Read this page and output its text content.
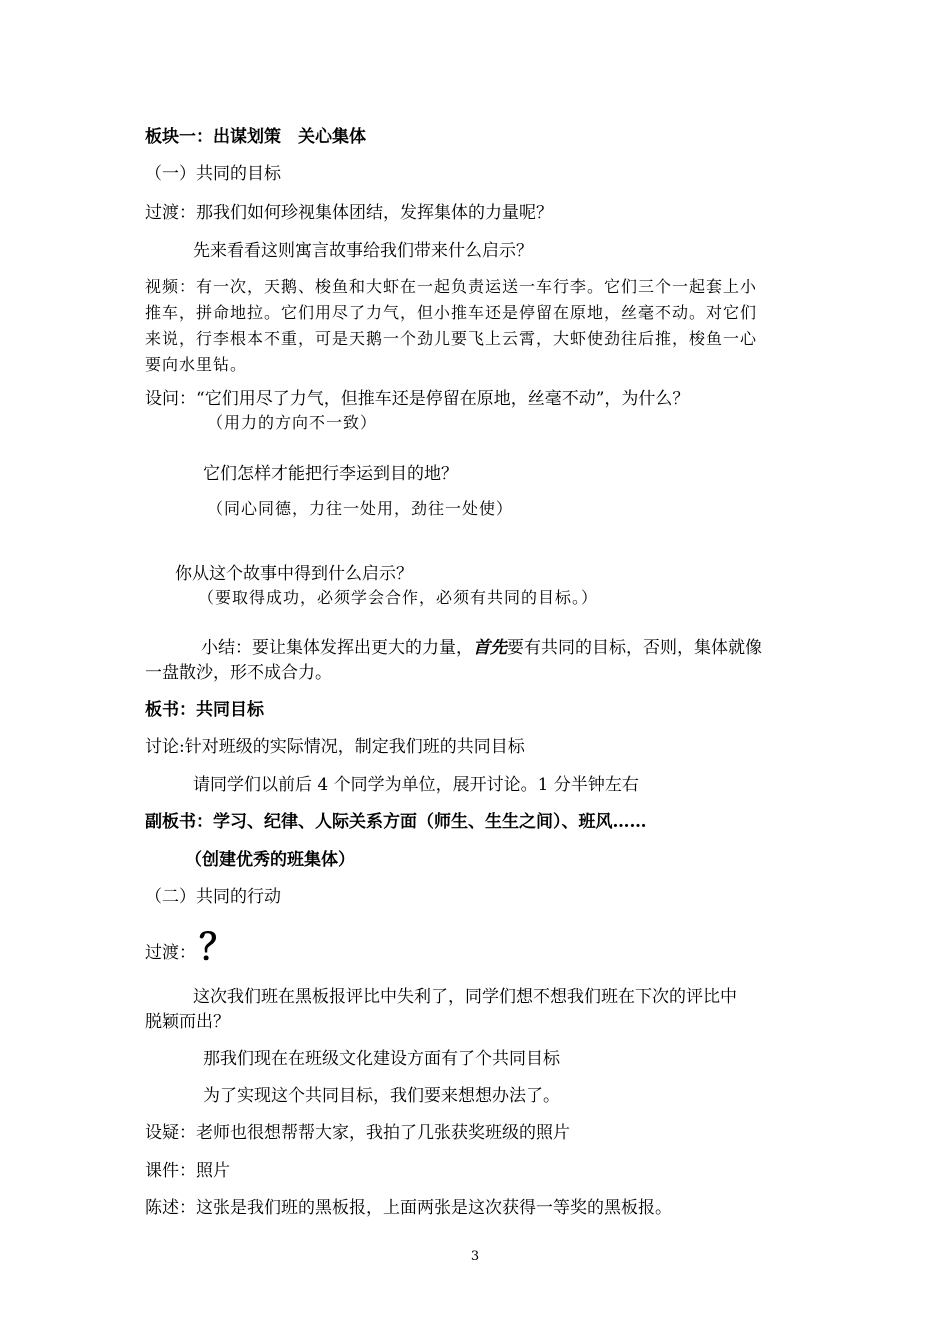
板块一：出谋划策　关心集体
（一）共同的目标
过渡：那我们如何珍视集体团结，发挥集体的力量呢？
先来看看这则寓言故事给我们带来什么启示？
视频：有一次，天鹅、梭鱼和大虾在一起负责运送一车行李。它们三个一起套上小
推车，拼命地拉。它们用尽了力气，但小推车还是停留在原地，丝毫不动。对它们
来说，行李根本不重，可是天鹅一个劲儿要飞上云霄，大虾使劲往后推，梭鱼一心
要向水里钻。
设问：“它们用尽了力气，但推车还是停留在原地，丝毫不动”，为什么？
（用力的方向不一致）
它们怎样才能把行李运到目的地？
（同心同德，力往一处用，劲往一处使）
你从这个故事中得到什么启示？
（要取得成功，必须学会合作，必须有共同的目标。）
小结：要让集体发挥出更大的力量，首先要有共同的目标，否则，集体就像
一盘散沙，形不成合力。
板书：共同目标
讨论:针对班级的实际情况，制定我们班的共同目标
请同学们以前后 4 个同学为单位，展开讨论。1 分半钟左右
副板书：学习、纪律、人际关系方面（师生、生生之间）、班风……
（创建优秀的班集体）
（二）共同的行动
过渡： ？
这次我们班在黑板报评比中失利了，同学们想不想我们班在下次的评比中
脱颖而出？
那我们现在在班级文化建设方面有了个共同目标
为了实现这个共同目标，我们要来想想办法了。
设疑：老师也很想帮帮大家，我拍了几张获奖班级的照片
课件：照片
陈述：这张是我们班的黑板报，上面两张是这次获得一等奖的黑板报。
3
